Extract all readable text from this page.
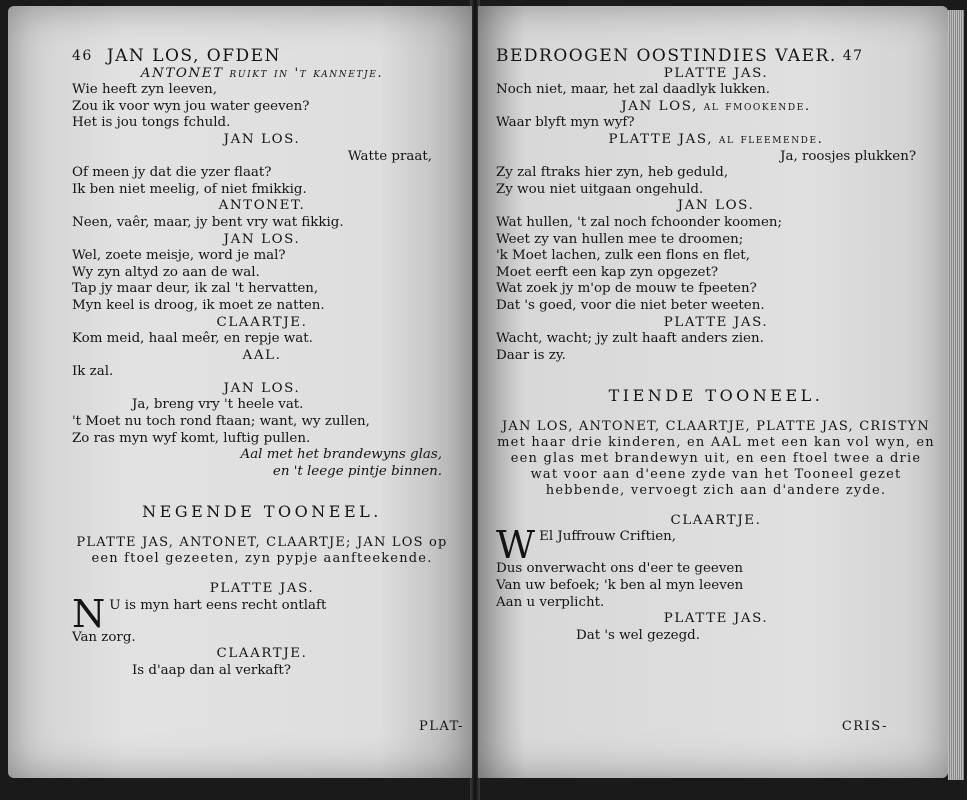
46 JAN LOS, OFDEN
ANTONET ruikt in 't kannetje.
Wie heeft zyn leeven,
Zou ik voor wyn jou water geeven?
Het is jou tongs fchuld.
JAN LOS.
Watte praat,
Of meen jy dat die yzer flaat?
Ik ben niet meelig, of niet fmikkig.
ANTONET.
Neen, vaêr, maar, jy bent vry wat fikkig.
JAN LOS.
Wel, zoete meisje, word je mal?
Wy zyn altyd zo aan de wal.
Tap jy maar deur, ik zal 't hervatten,
Myn keel is droog, ik moet ze natten.
CLAARTJE.
Kom meid, haal meêr, en repje wat.
AAL.
Ik zal.
JAN LOS.
Ja, breng vry 't heele vat.
't Moet nu toch rond ftaan; want, wy zullen,
Zo ras myn wyf komt, luftig pullen.
Aal met het brandewyns glas,
en 't leege pintje binnen.
NEGENDE TOONEEL.
PLATTE JAS, ANTONET, CLAARTJE; JAN LOS op een ftoel gezeeten, zyn pypje aanfteekende.
PLATTE JAS.
N U is myn hart eens recht ontlaft
Van zorg.
CLAARTJE.
Is d'aap dan al verkaft?
PLAT-
BEDROOGEN OOSTINDIES VAER. 47
PLATTE JAS.
Noch niet, maar, het zal daadlyk lukken.
JAN LOS, al fmookende.
Waar blyft myn wyf?
PLATTE JAS, al fleemende.
Ja, roosjes plukken?
Zy zal ftraks hier zyn, heb geduld,
Zy wou niet uitgaan ongehuld.
JAN LOS.
Wat hullen, 't zal noch fchoonder koomen;
Weet zy van hullen mee te droomen;
'k Moet lachen, zulk een flons en flet,
Moet eerft een kap zyn opgezet?
Wat zoek jy m'op de mouw te fpeeten?
Dat 's goed, voor die niet beter weeten.
PLATTE JAS.
Wacht, wacht; jy zult haaft anders zien.
Daar is zy.
TIENDE TOONEEL.
JAN LOS, ANTONET, CLAARTJE, PLATTE JAS, CRISTYN met haar drie kinderen, en AAL met een kan vol wyn, en een glas met brandewyn uit, en een ftoel twee a drie wat voor aan d'eene zyde van het Tooneel gezet hebbende, vervoegt zich aan d'andere zyde.
CLAARTJE.
W El Juffrouw Criftien,
Dus onverwacht ons d'eer te geeven
Van uw befoek; 'k ben al myn leeven
Aan u verplicht.
PLATTE JAS.
Dat 's wel gezegd.
CRIS-
